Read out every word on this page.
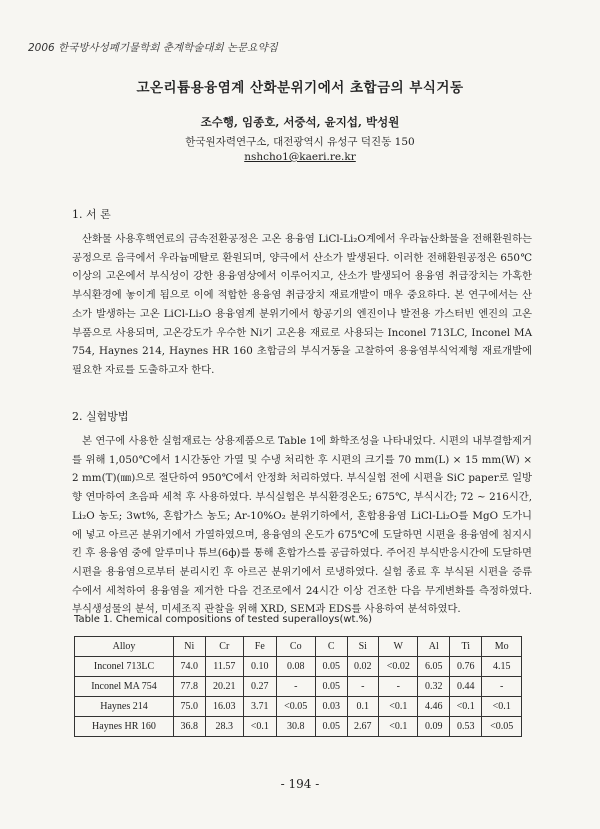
2006 한국방사성폐기물학회 춘계학술대회 논문요약집
고온리튬용융염계 산화분위기에서 초합금의 부식거동
조수행, 임종호, 서중석, 윤지섭, 박성원
한국원자력연구소, 대전광역시 유성구 덕진동 150
nshcho1@kaeri.re.kr
1. 서 론

산화물 사용후핵연료의 금속전환공정은 고온 용융염 LiCl-Li₂O계에서 우라늄산화물을 전해환원하는 공정으로 음극에서 우라늄메탈로 환원되며, 양극에서 산소가 발생된다. 이러한 전해환원공정은 650℃ 이상의 고온에서 부식성이 강한 용융염상에서 이루어지고, 산소가 발생되어 용융염 취급장치는 가혹한 부식환경에 놓이게 됨으로 이에 적합한 용융염 취급장치 재료개발이 매우 중요하다. 본 연구에서는 산소가 발생하는 고온 LiCl-Li₂O 용융염계 분위기에서 항공기의 엔진이나 발전용 가스터빈 엔진의 고온 부품으로 사용되며, 고온강도가 우수한 Ni기 고온용 재료로 사용되는 Inconel 713LC, Inconel MA 754, Haynes 214, Haynes HR 160 초합금의 부식거동을 고찰하여 용융염부식억제형 재료개발에 필요한 자료를 도출하고자 한다.

2. 실험방법

본 연구에 사용한 실험재료는 상용제품으로 Table 1에 화학조성을 나타내었다. 시편의 내부결함제거를 위해 1,050℃에서 1시간동안 가열 및 수냉 처리한 후 시편의 크기를 70 mm(L) × 15 mm(W) × 2 mm(T)(㎜)으로 절단하여 950℃에서 안정화 처리하였다. 부식실험 전에 시편을 SiC paper로 일방향 연마하여 초음파 세척 후 사용하였다. 부식실험은 부식환경온도; 675℃, 부식시간; 72 ~ 216시간, Li₂O 농도; 3wt%, 혼합가스 농도; Ar-10%O₂ 분위기하에서, 혼합용융염 LiCl-Li₂O를 MgO 도가니에 넣고 아르곤 분위기에서 가열하였으며, 용융염의 온도가 675℃에 도달하면 시편을 용융염에 침지시킨 후 용융염 중에 알루미나 튜브(6ф)를 통해 혼합가스를 공급하였다. 주어진 부식반응시간에 도달하면 시편을 용융염으로부터 분리시킨 후 아르곤 분위기에서 로냉하였다. 실험 종료 후 부식된 시편을 증류수에서 세척하여 용융염을 제거한 다음 건조로에서 24시간 이상 건조한 다음 무게변화를 측정하였다. 부식생성물의 분석, 미세조직 관찰을 위해 XRD, SEM과 EDS를 사용하여 분석하였다.

Table 1. Chemical compositions of tested superalloys(wt.%)
Alloy	Ni	Cr	Fe	Co	C	Si	W	Al	Ti	Mo
Inconel 713LC	74.0	11.57	0.10	0.08	0.05	0.02	<0.02	6.05	0.76	4.15
Inconel MA 754	77.8	20.21	0.27	-	0.05	-	-	0.32	0.44	-
Haynes 214	75.0	16.03	3.71	<0.05	0.03	0.1	<0.1	4.46	<0.1	<0.1
Haynes HR 160	36.8	28.3	<0.1	30.8	0.05	2.67	<0.1	0.09	0.53	<0.05
- 194 -
